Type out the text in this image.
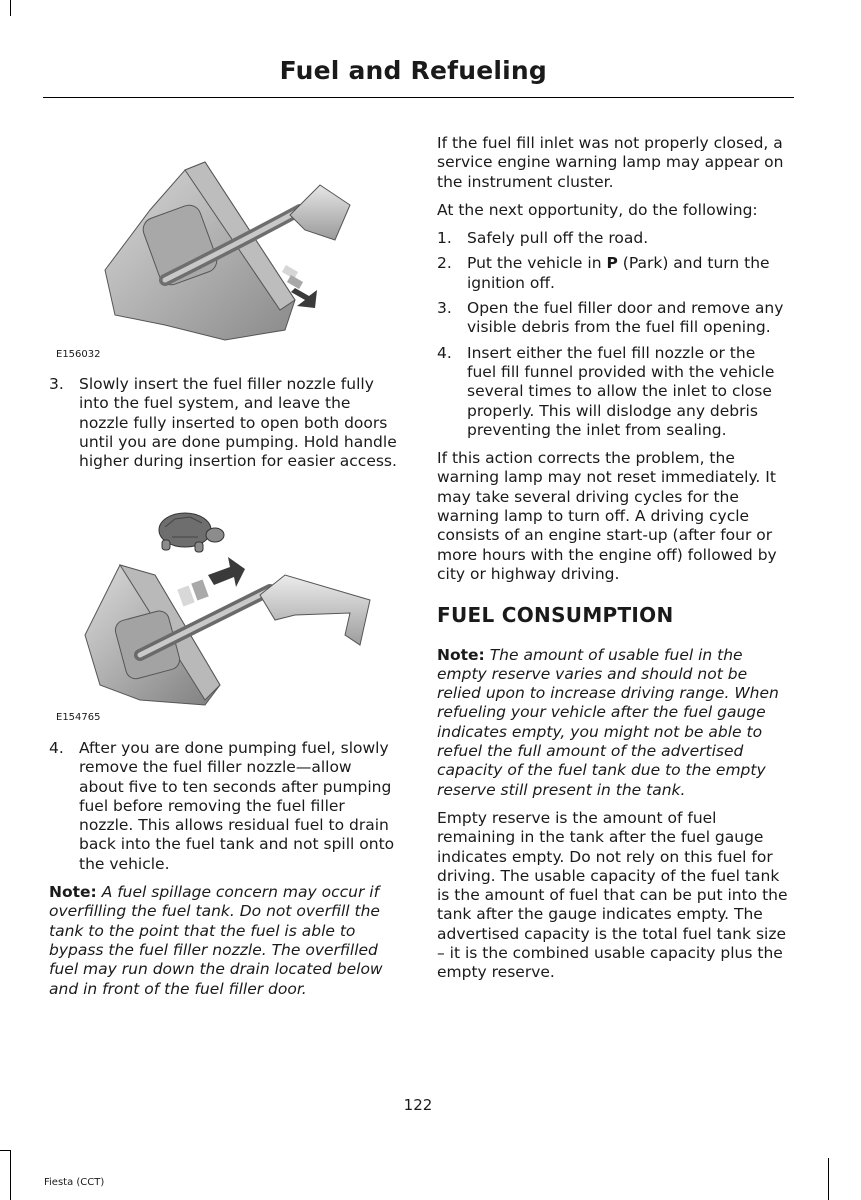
Fuel and Refueling
E156032
3. Slowly insert the fuel filler nozzle fully into the fuel system, and leave the nozzle fully inserted to open both doors until you are done pumping. Hold handle higher during insertion for easier access.
E154765
4. After you are done pumping fuel, slowly remove the fuel filler nozzle—allow about five to ten seconds after pumping fuel before removing the fuel filler nozzle. This allows residual fuel to drain back into the fuel tank and not spill onto the vehicle.

Note: A fuel spillage concern may occur if overfilling the fuel tank. Do not overfill the tank to the point that the fuel is able to bypass the fuel filler nozzle. The overfilled fuel may run down the drain located below and in front of the fuel filler door.

If the fuel fill inlet was not properly closed, a service engine warning lamp may appear on the instrument cluster.

At the next opportunity, do the following:

1. Safely pull off the road.
2. Put the vehicle in P (Park) and turn the ignition off.
3. Open the fuel filler door and remove any visible debris from the fuel fill opening.
4. Insert either the fuel fill nozzle or the fuel fill funnel provided with the vehicle several times to allow the inlet to close properly. This will dislodge any debris preventing the inlet from sealing.

If this action corrects the problem, the warning lamp may not reset immediately. It may take several driving cycles for the warning lamp to turn off. A driving cycle consists of an engine start-up (after four or more hours with the engine off) followed by city or highway driving.

FUEL CONSUMPTION

Note: The amount of usable fuel in the empty reserve varies and should not be relied upon to increase driving range. When refueling your vehicle after the fuel gauge indicates empty, you might not be able to refuel the full amount of the advertised capacity of the fuel tank due to the empty reserve still present in the tank.

Empty reserve is the amount of fuel remaining in the tank after the fuel gauge indicates empty. Do not rely on this fuel for driving. The usable capacity of the fuel tank is the amount of fuel that can be put into the tank after the gauge indicates empty. The advertised capacity is the total fuel tank size – it is the combined usable capacity plus the empty reserve.

122
Fiesta (CCT)
